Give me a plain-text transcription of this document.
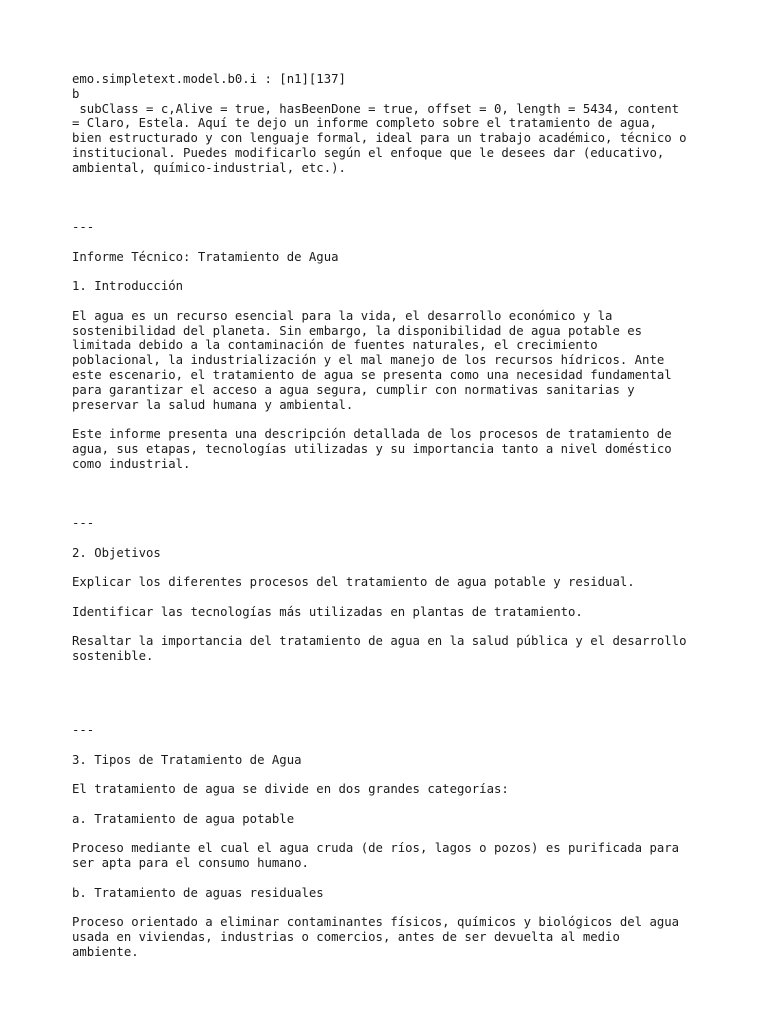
emo.simpletext.model.b0.i : [n1][137]

b

subClass = c,Alive = true, hasBeenDone = true, offset = 0, length = 5434, content
= Claro, Estela. Aquí te dejo un informe completo sobre el tratamiento de agua,
bien estructurado y con lenguaje formal, ideal para un trabajo académico, técnico o
institucional. Puedes modificarlo según el enfoque que le desees dar (educativo,
ambiental, químico-industrial, etc.).

---

Informe Técnico: Tratamiento de Agua

1. Introducción

El agua es un recurso esencial para la vida, el desarrollo económico y la
sostenibilidad del planeta. Sin embargo, la disponibilidad de agua potable es
limitada debido a la contaminación de fuentes naturales, el crecimiento
poblacional, la industrialización y el mal manejo de los recursos hídricos. Ante
este escenario, el tratamiento de agua se presenta como una necesidad fundamental
para garantizar el acceso a agua segura, cumplir con normativas sanitarias y
preservar la salud humana y ambiental.

Este informe presenta una descripción detallada de los procesos de tratamiento de
agua, sus etapas, tecnologías utilizadas y su importancia tanto a nivel doméstico
como industrial.

---

2. Objetivos

Explicar los diferentes procesos del tratamiento de agua potable y residual.

Identificar las tecnologías más utilizadas en plantas de tratamiento.

Resaltar la importancia del tratamiento de agua en la salud pública y el desarrollo
sostenible.

---

3. Tipos de Tratamiento de Agua

El tratamiento de agua se divide en dos grandes categorías:

a. Tratamiento de agua potable

Proceso mediante el cual el agua cruda (de ríos, lagos o pozos) es purificada para
ser apta para el consumo humano.

b. Tratamiento de aguas residuales

Proceso orientado a eliminar contaminantes físicos, químicos y biológicos del agua
usada en viviendas, industrias o comercios, antes de ser devuelta al medio
ambiente.
